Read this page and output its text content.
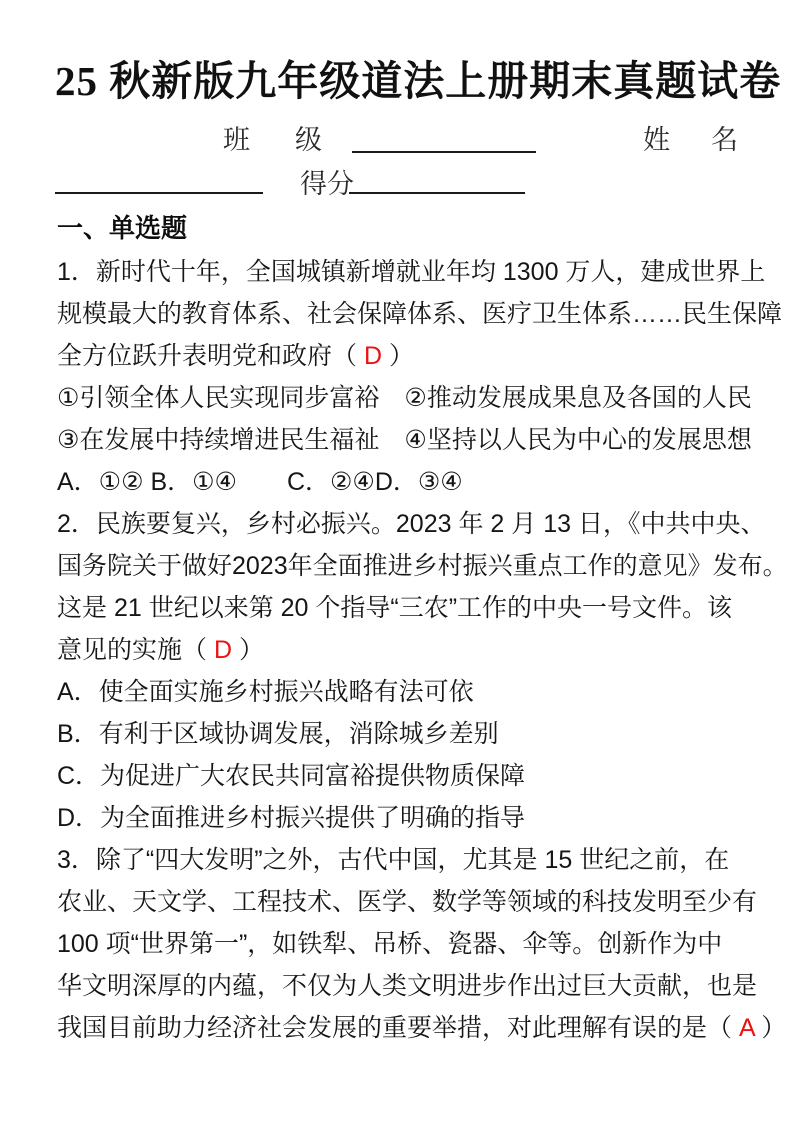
25 秋新版九年级道法上册期末真题试卷
班 级	姓 名
得分
一、单选题
1．新时代十年，全国城镇新增就业年均 1300 万人，建成世界上
规模最大的教育体系、社会保障体系、医疗卫生体系……民生保障
全方位跃升表明党和政府（ D ）
①引领全体人民实现同步富裕　②推动发展成果息及各国的人民
③在发展中持续增进民生福祉　④坚持以人民为中心的发展思想
A．①② B．①④　　C．②④D．③④
2．民族要复兴，乡村必振兴。2023 年 2 月 13 日，《中共中央、
国务院关于做好2023年全面推进乡村振兴重点工作的意见》发布。
这是 21 世纪以来第 20 个指导“三农”工作的中央一号文件。该
意见的实施（ D ）
A．使全面实施乡村振兴战略有法可依
B．有利于区域协调发展，消除城乡差别
C．为促进广大农民共同富裕提供物质保障
D．为全面推进乡村振兴提供了明确的指导
3．除了“四大发明”之外，古代中国，尤其是 15 世纪之前，在
农业、天文学、工程技术、医学、数学等领域的科技发明至少有
100 项“世界第一”，如铁犁、吊桥、瓷器、伞等。创新作为中
华文明深厚的内蕴，不仅为人类文明进步作出过巨大贡献，也是
我国目前助力经济社会发展的重要举措，对此理解有误的是（ A ）
